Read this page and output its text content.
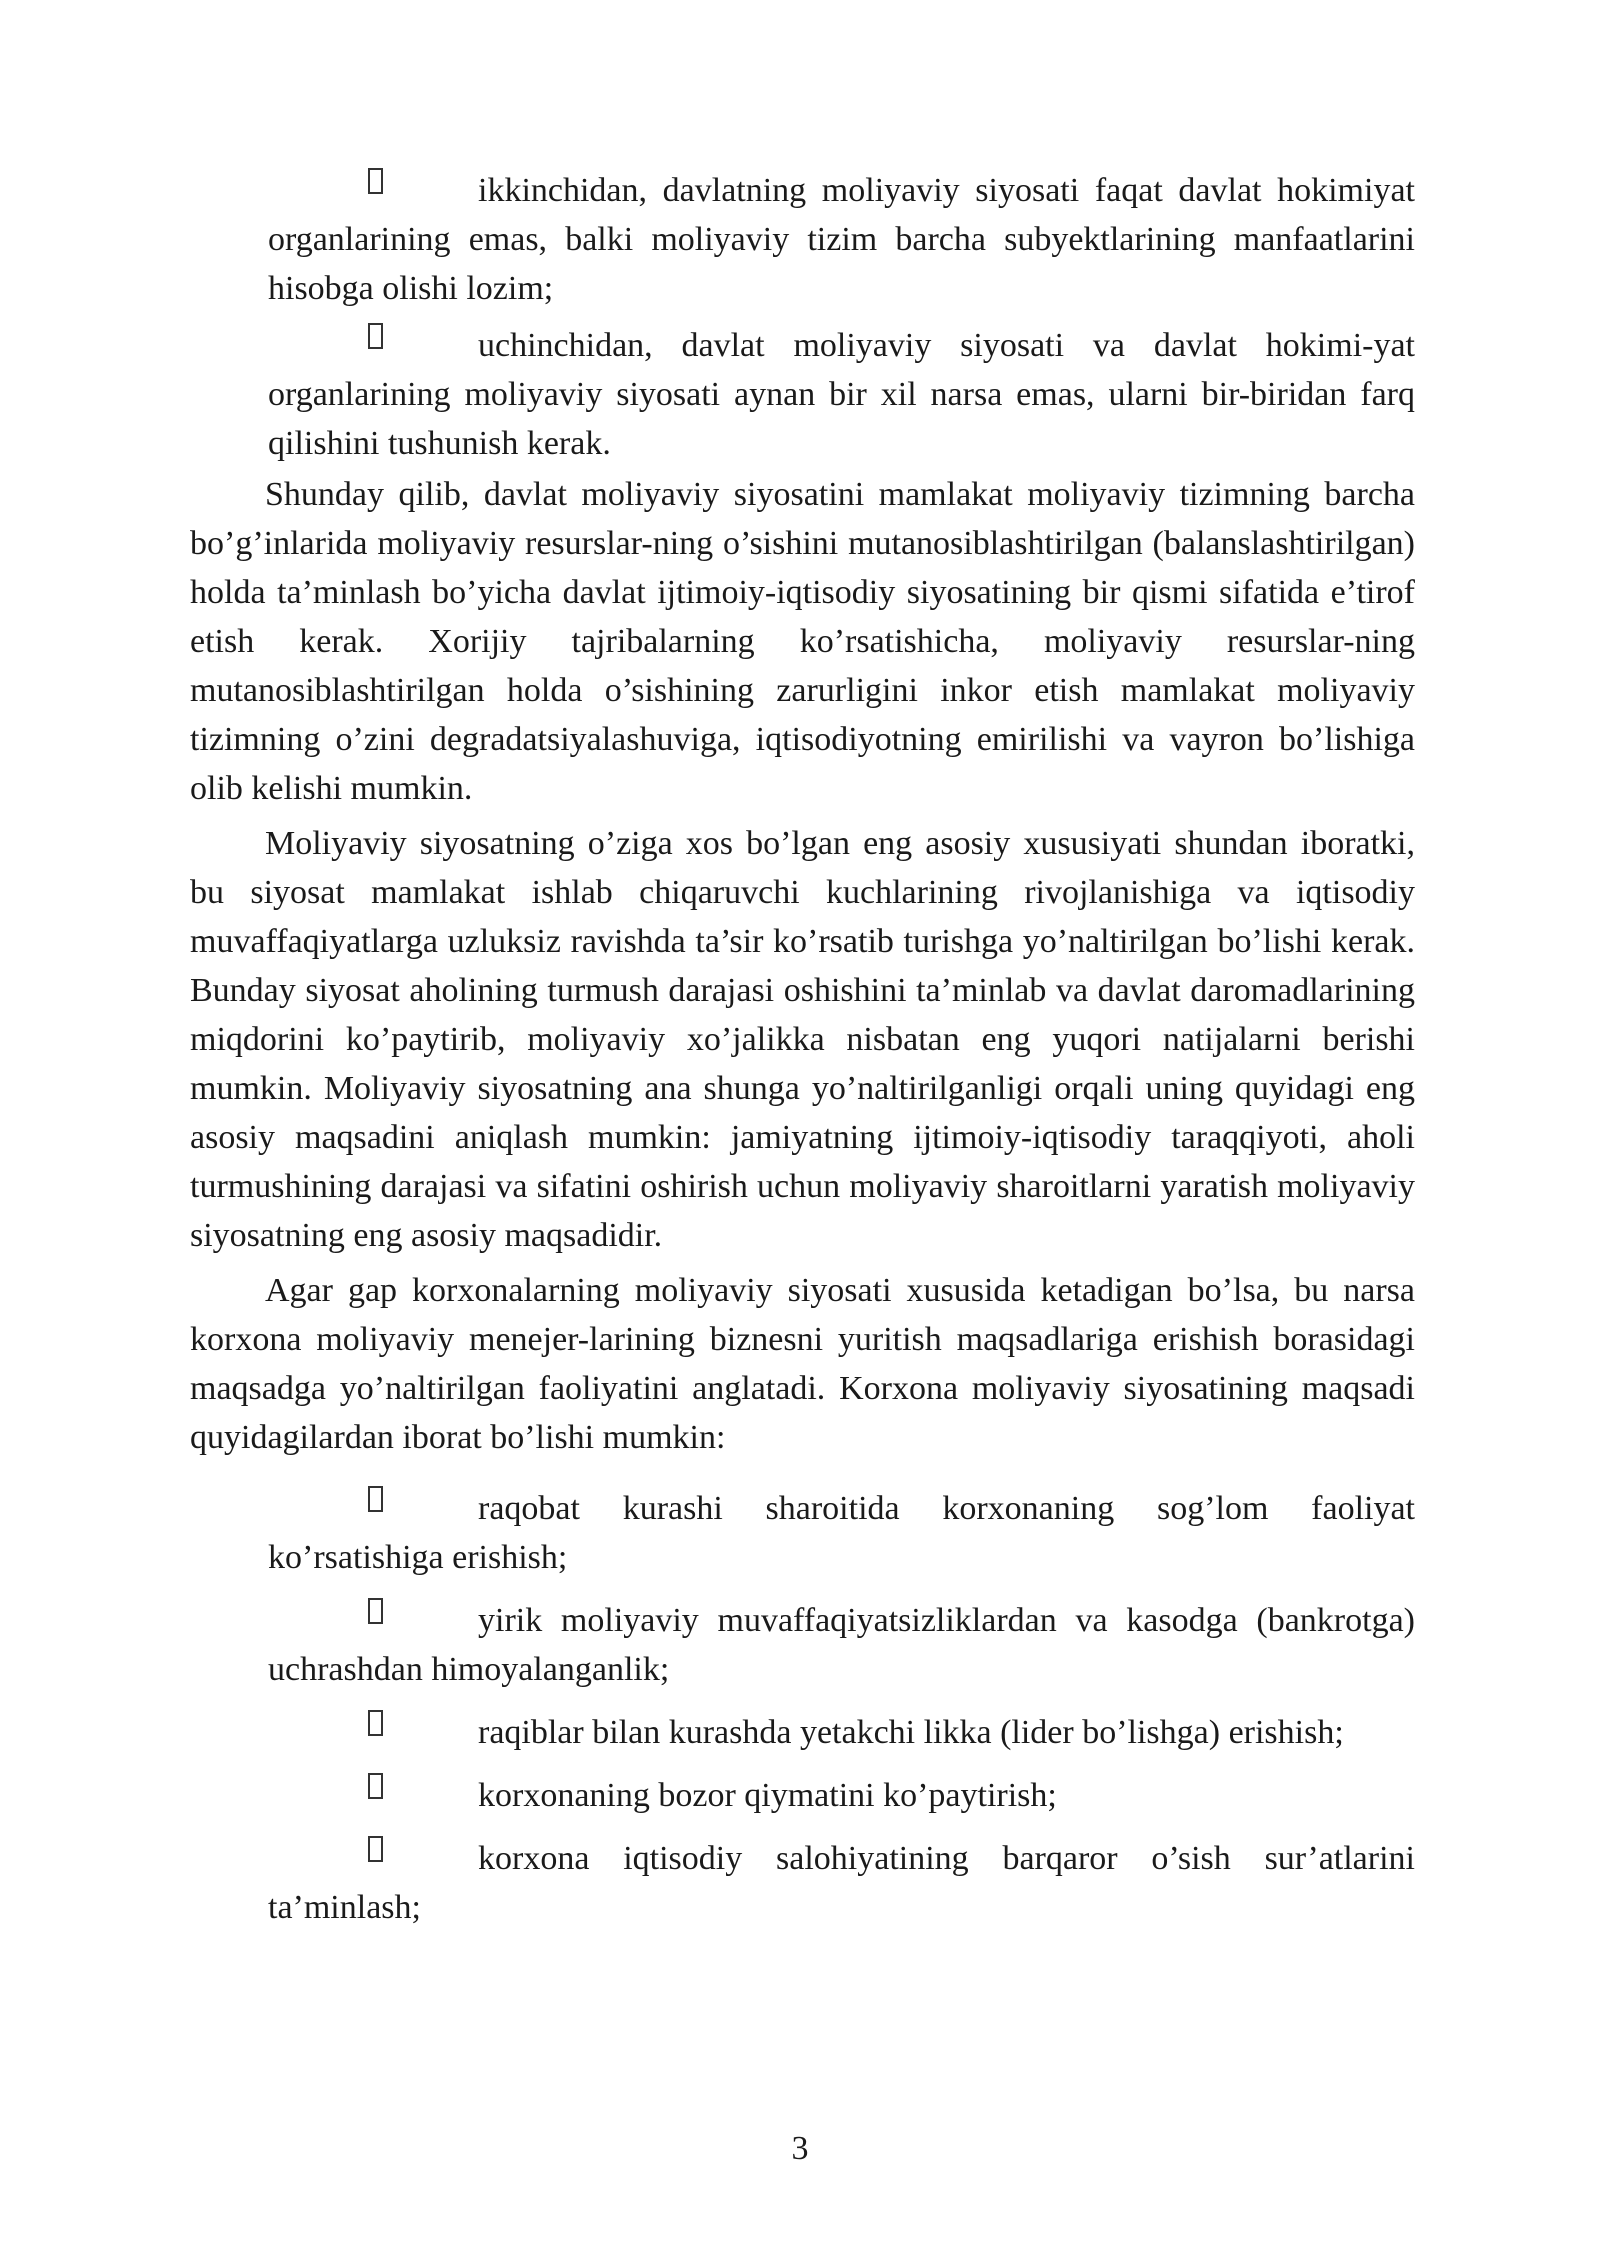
ikkinchidan, davlatning moliyaviy siyosati faqat davlat hokimiyat organlarining emas, balki moliyaviy tizim barcha subyektlarining manfaatlarini hisobga olishi lozim;
uchinchidan, davlat moliyaviy siyosati va davlat hokimi-yat organlarining moliyaviy siyosati aynan bir xil narsa emas, ularni bir-biridan farq qilishini tushunish kerak.

Shunday qilib, davlat moliyaviy siyosatini mamlakat moliyaviy tizimning barcha bo’g’inlarida moliyaviy resurslar-ning o’sishini mutanosiblashtirilgan (balanslashtirilgan) holda ta’minlash bo’yicha davlat ijtimoiy-iqtisodiy siyosatining bir qismi sifatida e’tirof etish kerak. Xorijiy tajribalarning ko’rsatishicha, moliyaviy resurslar-ning mutanosiblashtirilgan holda o’sishining zarurligini inkor etish mamlakat moliyaviy tizimning o’zini degradatsiyalashuviga, iqtisodiyotning emirilishi va vayron bo’lishiga olib kelishi mumkin.

Moliyaviy siyosatning o’ziga xos bo’lgan eng asosiy xususiyati shundan iboratki, bu siyosat mamlakat ishlab chiqaruvchi kuchlarining rivojlanishiga va iqtisodiy muvaffaqiyatlarga uzluksiz ravishda ta’sir ko’rsatib turishga yo’naltirilgan bo’lishi kerak. Bunday siyosat aholining turmush darajasi oshishini ta’minlab va davlat daromadlarining miqdorini ko’paytirib, moliyaviy xo’jalikka nisbatan eng yuqori natijalarni berishi mumkin. Moliyaviy siyosatning ana shunga yo’naltirilganligi orqali uning quyidagi eng asosiy maqsadini aniqlash mumkin: jamiyatning ijtimoiy-iqtisodiy taraqqiyoti, aholi turmushining darajasi va sifatini oshirish uchun moliyaviy sharoitlarni yaratish moliyaviy siyosatning eng asosiy maqsadidir.

Agar gap korxonalarning moliyaviy siyosati xususida ketadigan bo’lsa, bu narsa korxona moliyaviy menejer-larining biznesni yuritish maqsadlariga erishish borasidagi maqsadga yo’naltirilgan faoliyatini anglatadi. Korxona moliyaviy siyosatining maqsadi quyidagilardan iborat bo’lishi mumkin:

raqobat kurashi sharoitida korxonaning sog’lom faoliyat ko’rsatishiga erishish;
yirik moliyaviy muvaffaqiyatsizliklardan va kasodga (bankrotga) uchrashdan himoyalanganlik;
raqiblar bilan kurashda yetakchi likka (lider bo’lishga) erishish;
korxonaning bozor qiymatini ko’paytirish;
korxona iqtisodiy salohiyatining barqaror o’sish sur’atlarini ta’minlash;
3
